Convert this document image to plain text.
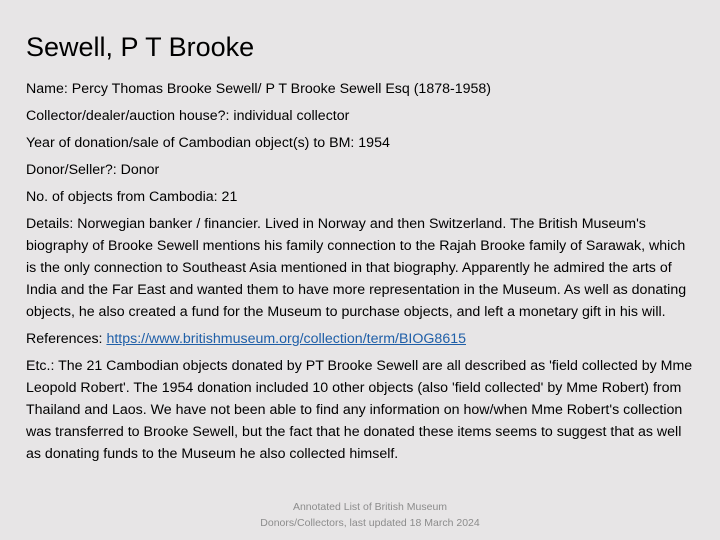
Sewell, P T Brooke

Name: Percy Thomas Brooke Sewell/ P T Brooke Sewell Esq (1878-1958)

Collector/dealer/auction house?: individual collector

Year of donation/sale of Cambodian object(s) to BM: 1954

Donor/Seller?: Donor

No. of objects from Cambodia: 21

Details: Norwegian banker / financier. Lived in Norway and then Switzerland. The British Museum's biography of Brooke Sewell mentions his family connection to the Rajah Brooke family of Sarawak, which is the only connection to Southeast Asia mentioned in that biography. Apparently he admired the arts of India and the Far East and wanted them to have more representation in the Museum. As well as donating objects, he also created a fund for the Museum to purchase objects, and left a monetary gift in his will.

References: https://www.britishmuseum.org/collection/term/BIOG8615

Etc.: The 21 Cambodian objects donated by PT Brooke Sewell are all described as 'field collected by Mme Leopold Robert'. The 1954 donation included 10 other objects (also 'field collected' by Mme Robert) from Thailand and Laos. We have not been able to find any information on how/when Mme Robert's collection was transferred to Brooke Sewell, but the fact that he donated these items seems to suggest that as well as donating funds to the Museum he also collected himself.

Annotated List of British Museum
Donors/Collectors, last updated 18 March 2024
